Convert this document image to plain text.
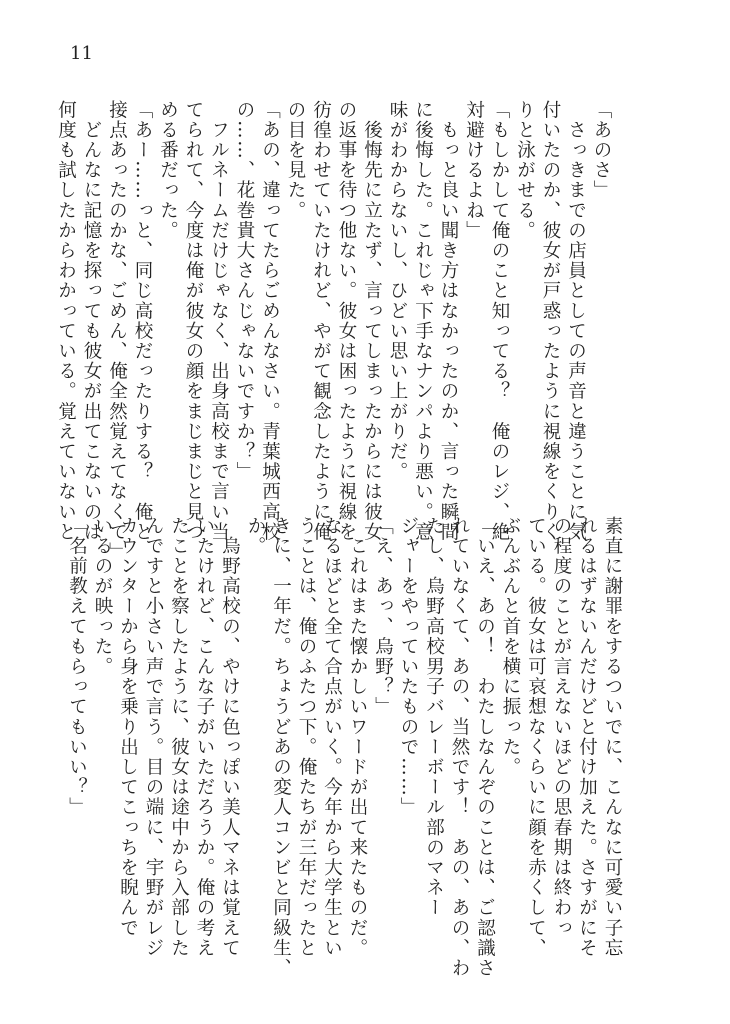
11
「あのさ」
　さっきまでの店員としての声音と違うことに気
付いたのか、彼女が戸惑ったように視線をくりく
りと泳がせる。
「もしかして俺のこと知ってる？　俺のレジ、絶
対避けるよね」
　もっと良い聞き方はなかったのか、言った瞬間
に後悔した。これじゃ下手なナンパより悪い。意
味がわからないし、ひどい思い上がりだ。
　後悔先に立たず、言ってしまったからには彼女
の返事を待つ他ない。彼女は困ったように視線を
彷徨わせていたけれど、やがて観念したように俺
の目を見た。
「あの、違ってたらごめんなさい。青葉城西高校
の……、花巻貴大さんじゃないですか？」
　フルネームだけじゃなく、出身高校まで言い当
てられて、今度は俺が彼女の顔をまじまじと見つ
める番だった。
「あー……っと、同じ高校だったりする？　俺と
接点あったのかな、ごめん、俺全然覚えてなくて」
　どんなに記憶を探っても彼女が出てこないのは
何度も試したからわかっている。覚えていないと
素直に謝罪をするついでに、こんなに可愛い子忘
れるはずないんだけどと付け加えた。さすがにそ
の程度のことが言えないほどの思春期は終わっ
ている。彼女は可哀想なくらいに顔を赤くして、
ぶんぶんと首を横に振った。
「いえ、あの！　わたしなんぞのことは、ご認識さ
れていなくて、あの、当然です！　あの、あの、わ
たし、烏野高校男子バレーボール部のマネー
ジャーをやっていたもので……」
「え、あっ、烏野？」
　これはまた懐かしいワードが出て来たものだ。
なるほどと全て合点がいく。今年から大学生とい
うことは、俺のふたつ下。俺たちが三年だったと
きに、一年だ。ちょうどあの変人コンビと同級生、
か。
　烏野高校の、やけに色っぽい美人マネは覚えて
いたけれど、こんな子がいただろうか。俺の考え
たことを察したように、彼女は途中から入部した
んですと小さい声で言う。目の端に、宇野がレジ
カウンターから身を乗り出してこっちを睨んで
いるのが映った。
「名前教えてもらってもいい？」
